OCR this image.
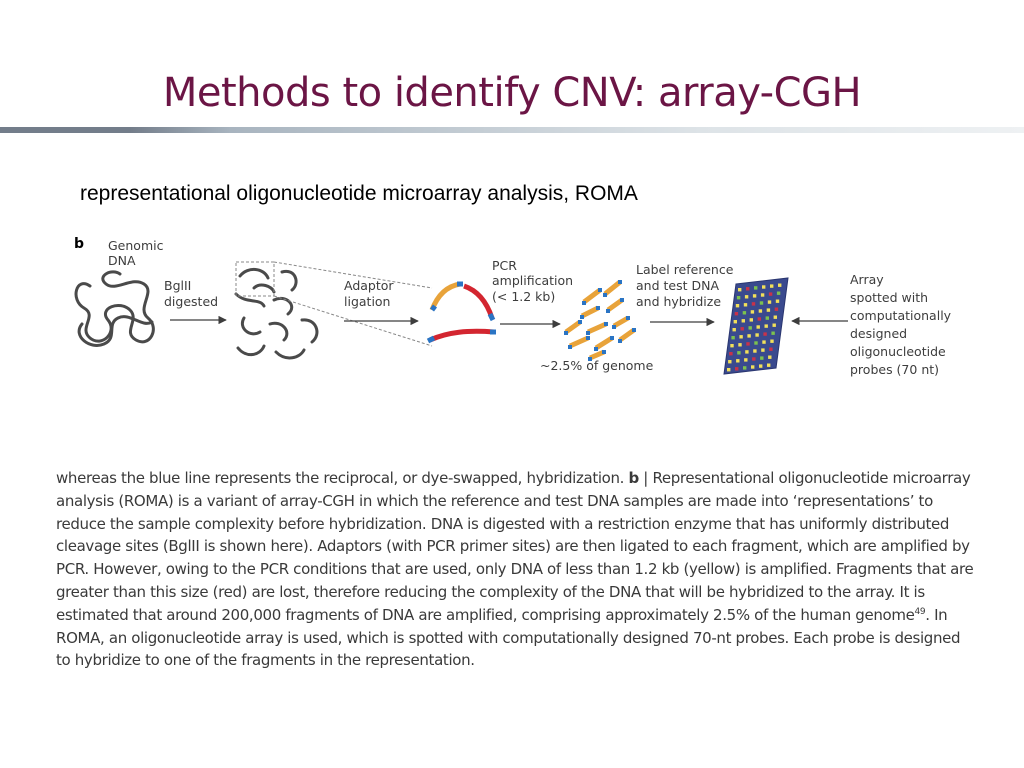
Methods to identify CNV: array-CGH
representational oligonucleotide microarray analysis, ROMA
b Genomic DNA
BglII digested
Adaptor ligation
PCR amplification (< 1.2 kb)
~2.5% of genome
Label reference and test DNA and hybridize
Array spotted with computationally designed oligonucleotide probes (70 nt)
whereas the blue line represents the reciprocal, or dye-swapped, hybridization. b | Representational oligonucleotide microarray analysis (ROMA) is a variant of array-CGH in which the reference and test DNA samples are made into ‘representations’ to reduce the sample complexity before hybridization. DNA is digested with a restriction enzyme that has uniformly distributed cleavage sites (BglII is shown here). Adaptors (with PCR primer sites) are then ligated to each fragment, which are amplified by PCR. However, owing to the PCR conditions that are used, only DNA of less than 1.2 kb (yellow) is amplified. Fragments that are greater than this size (red) are lost, therefore reducing the complexity of the DNA that will be hybridized to the array. It is estimated that around 200,000 fragments of DNA are amplified, comprising approximately 2.5% of the human genome$^{49}$. In ROMA, an oligonucleotide array is used, which is spotted with computationally designed 70-nt probes. Each probe is designed to hybridize to one of the fragments in the representation.
